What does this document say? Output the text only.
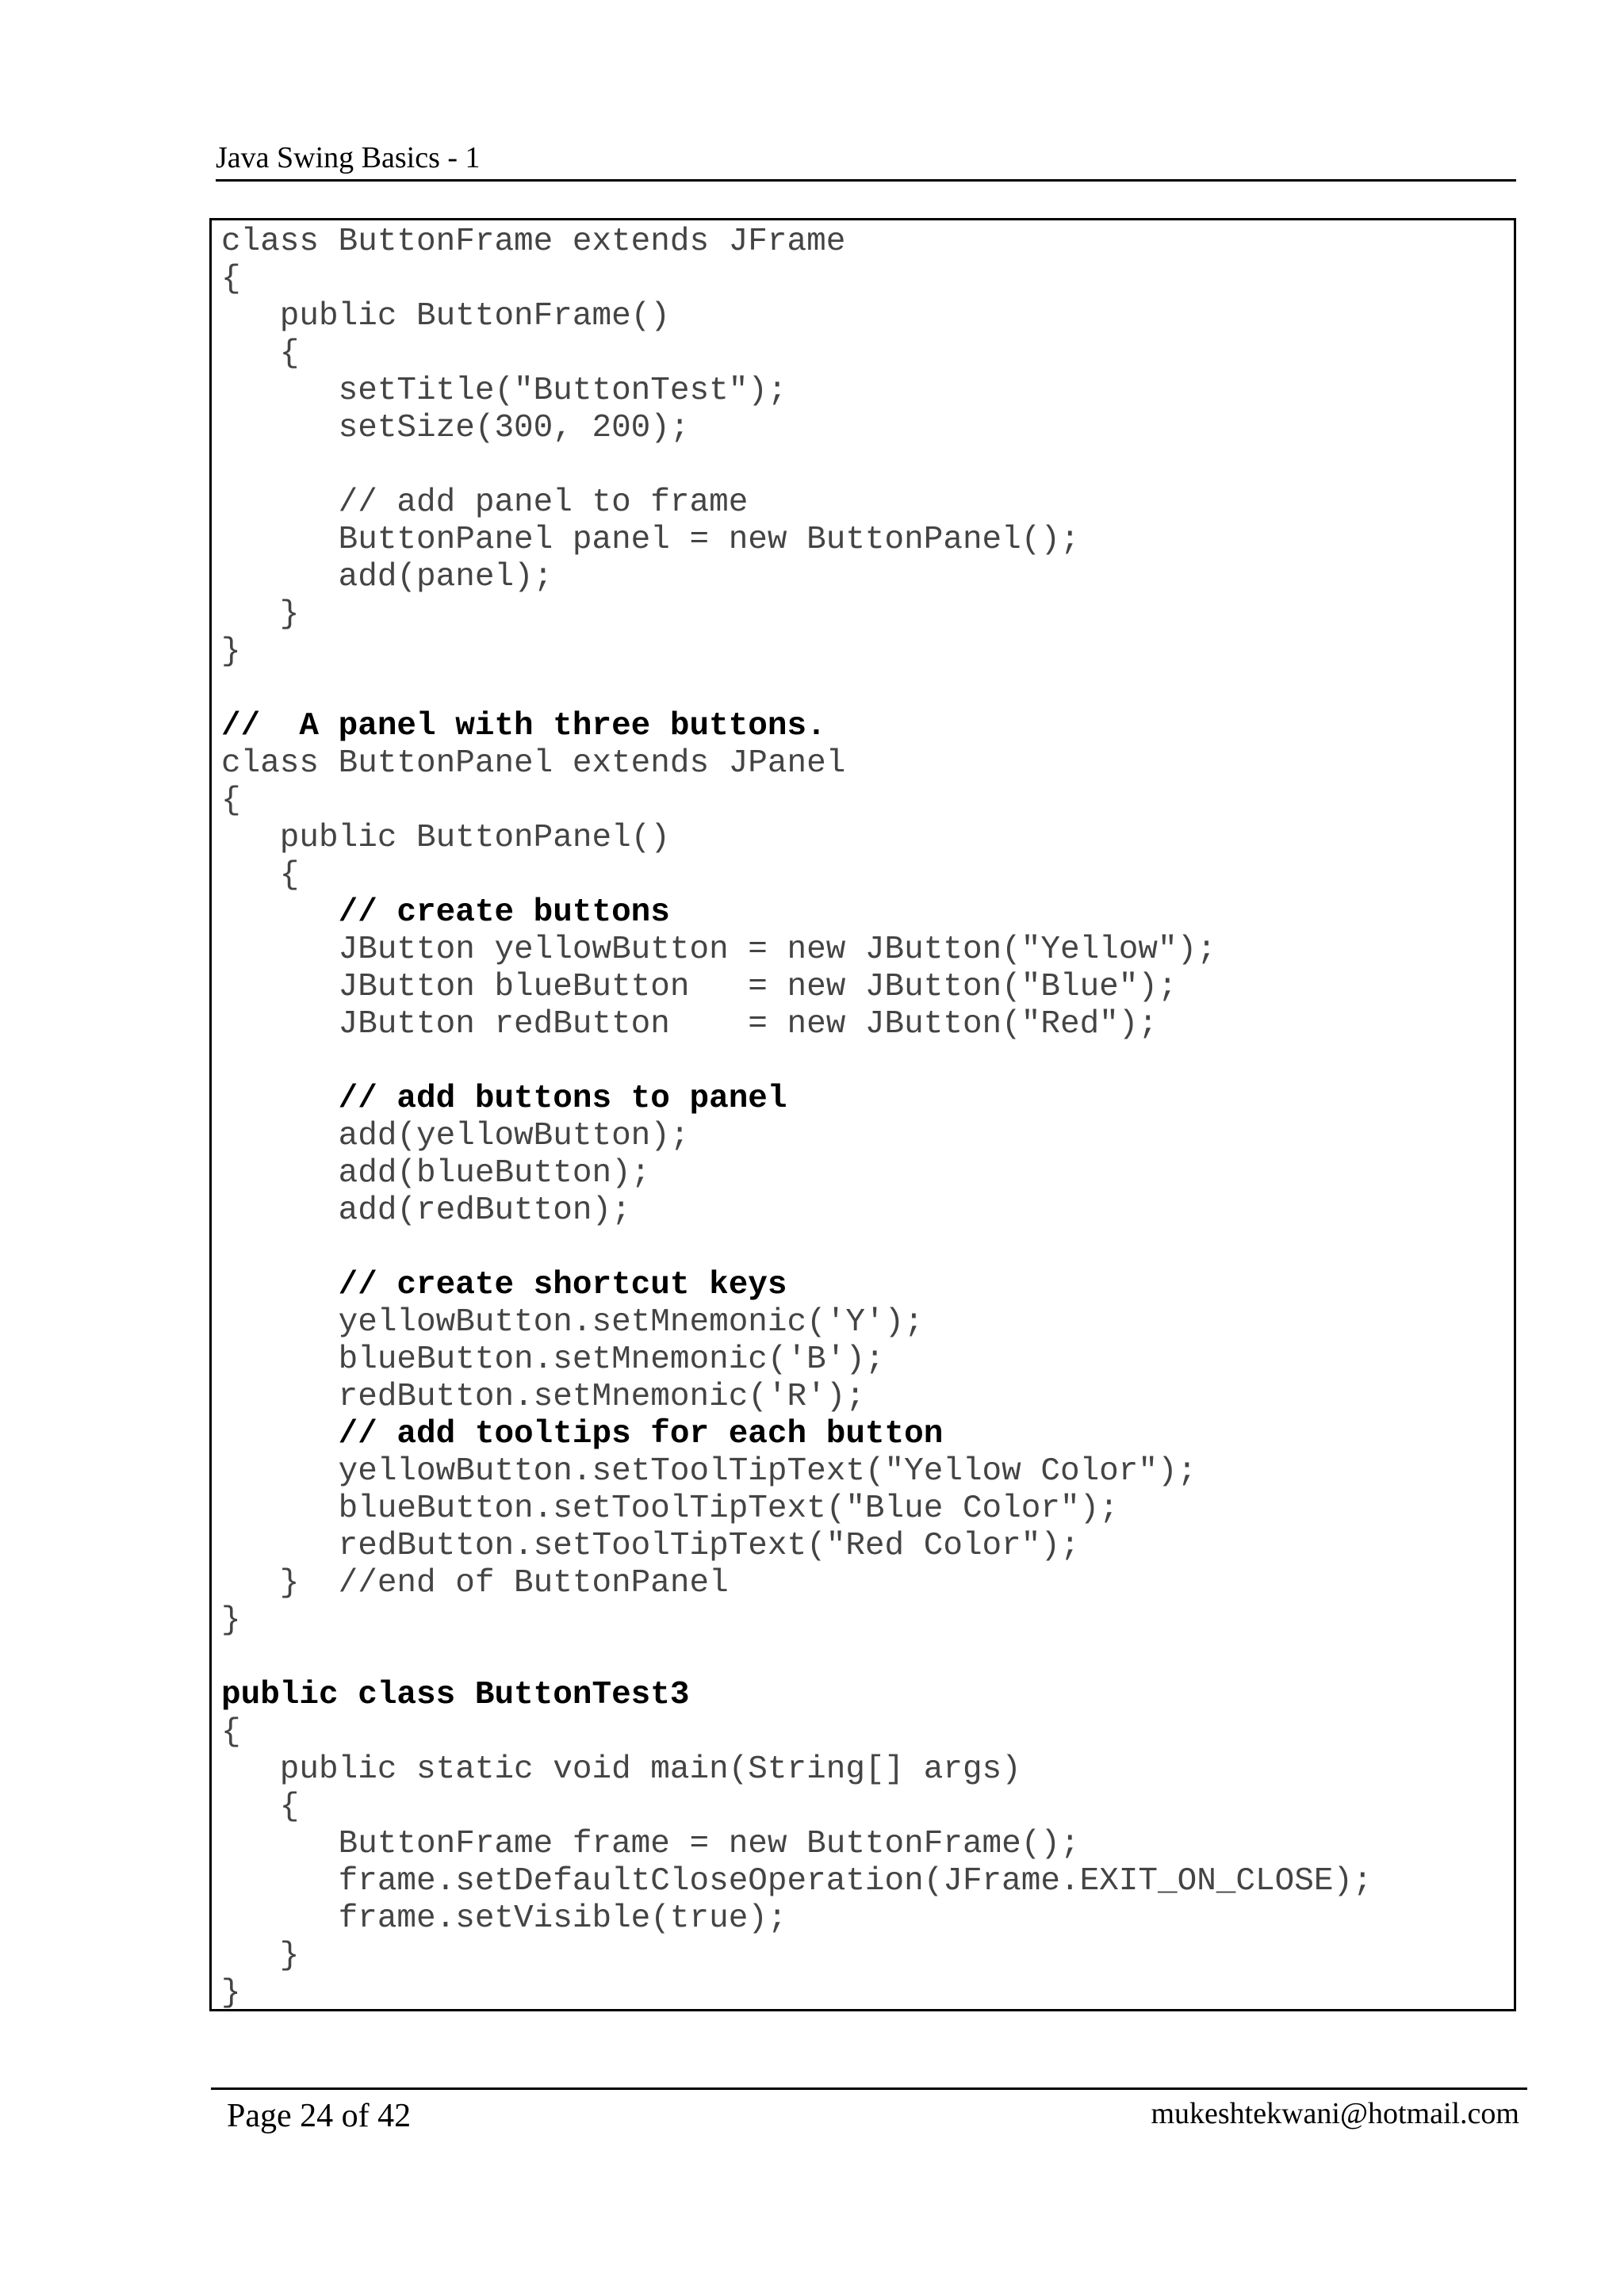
Java Swing Basics - 1
class ButtonFrame extends JFrame
{
public ButtonFrame()
{
setTitle("ButtonTest");
setSize(300, 200);
// add panel to frame
ButtonPanel panel = new ButtonPanel();
add(panel);
}
}
//  A panel with three buttons.
class ButtonPanel extends JPanel
{
public ButtonPanel()
{
// create buttons
JButton yellowButton = new JButton("Yellow");
JButton blueButton   = new JButton("Blue");
JButton redButton    = new JButton("Red");
// add buttons to panel
add(yellowButton);
add(blueButton);
add(redButton);
// create shortcut keys
yellowButton.setMnemonic('Y');
blueButton.setMnemonic('B');
redButton.setMnemonic('R');
// add tooltips for each button
yellowButton.setToolTipText("Yellow Color");
blueButton.setToolTipText("Blue Color");
redButton.setToolTipText("Red Color");
}  //end of ButtonPanel
}
public class ButtonTest3
{
public static void main(String[] args)
{
ButtonFrame frame = new ButtonFrame();
frame.setDefaultCloseOperation(JFrame.EXIT_ON_CLOSE);
frame.setVisible(true);
}
}
Page 24 of 42	mukeshtekwani@hotmail.com
